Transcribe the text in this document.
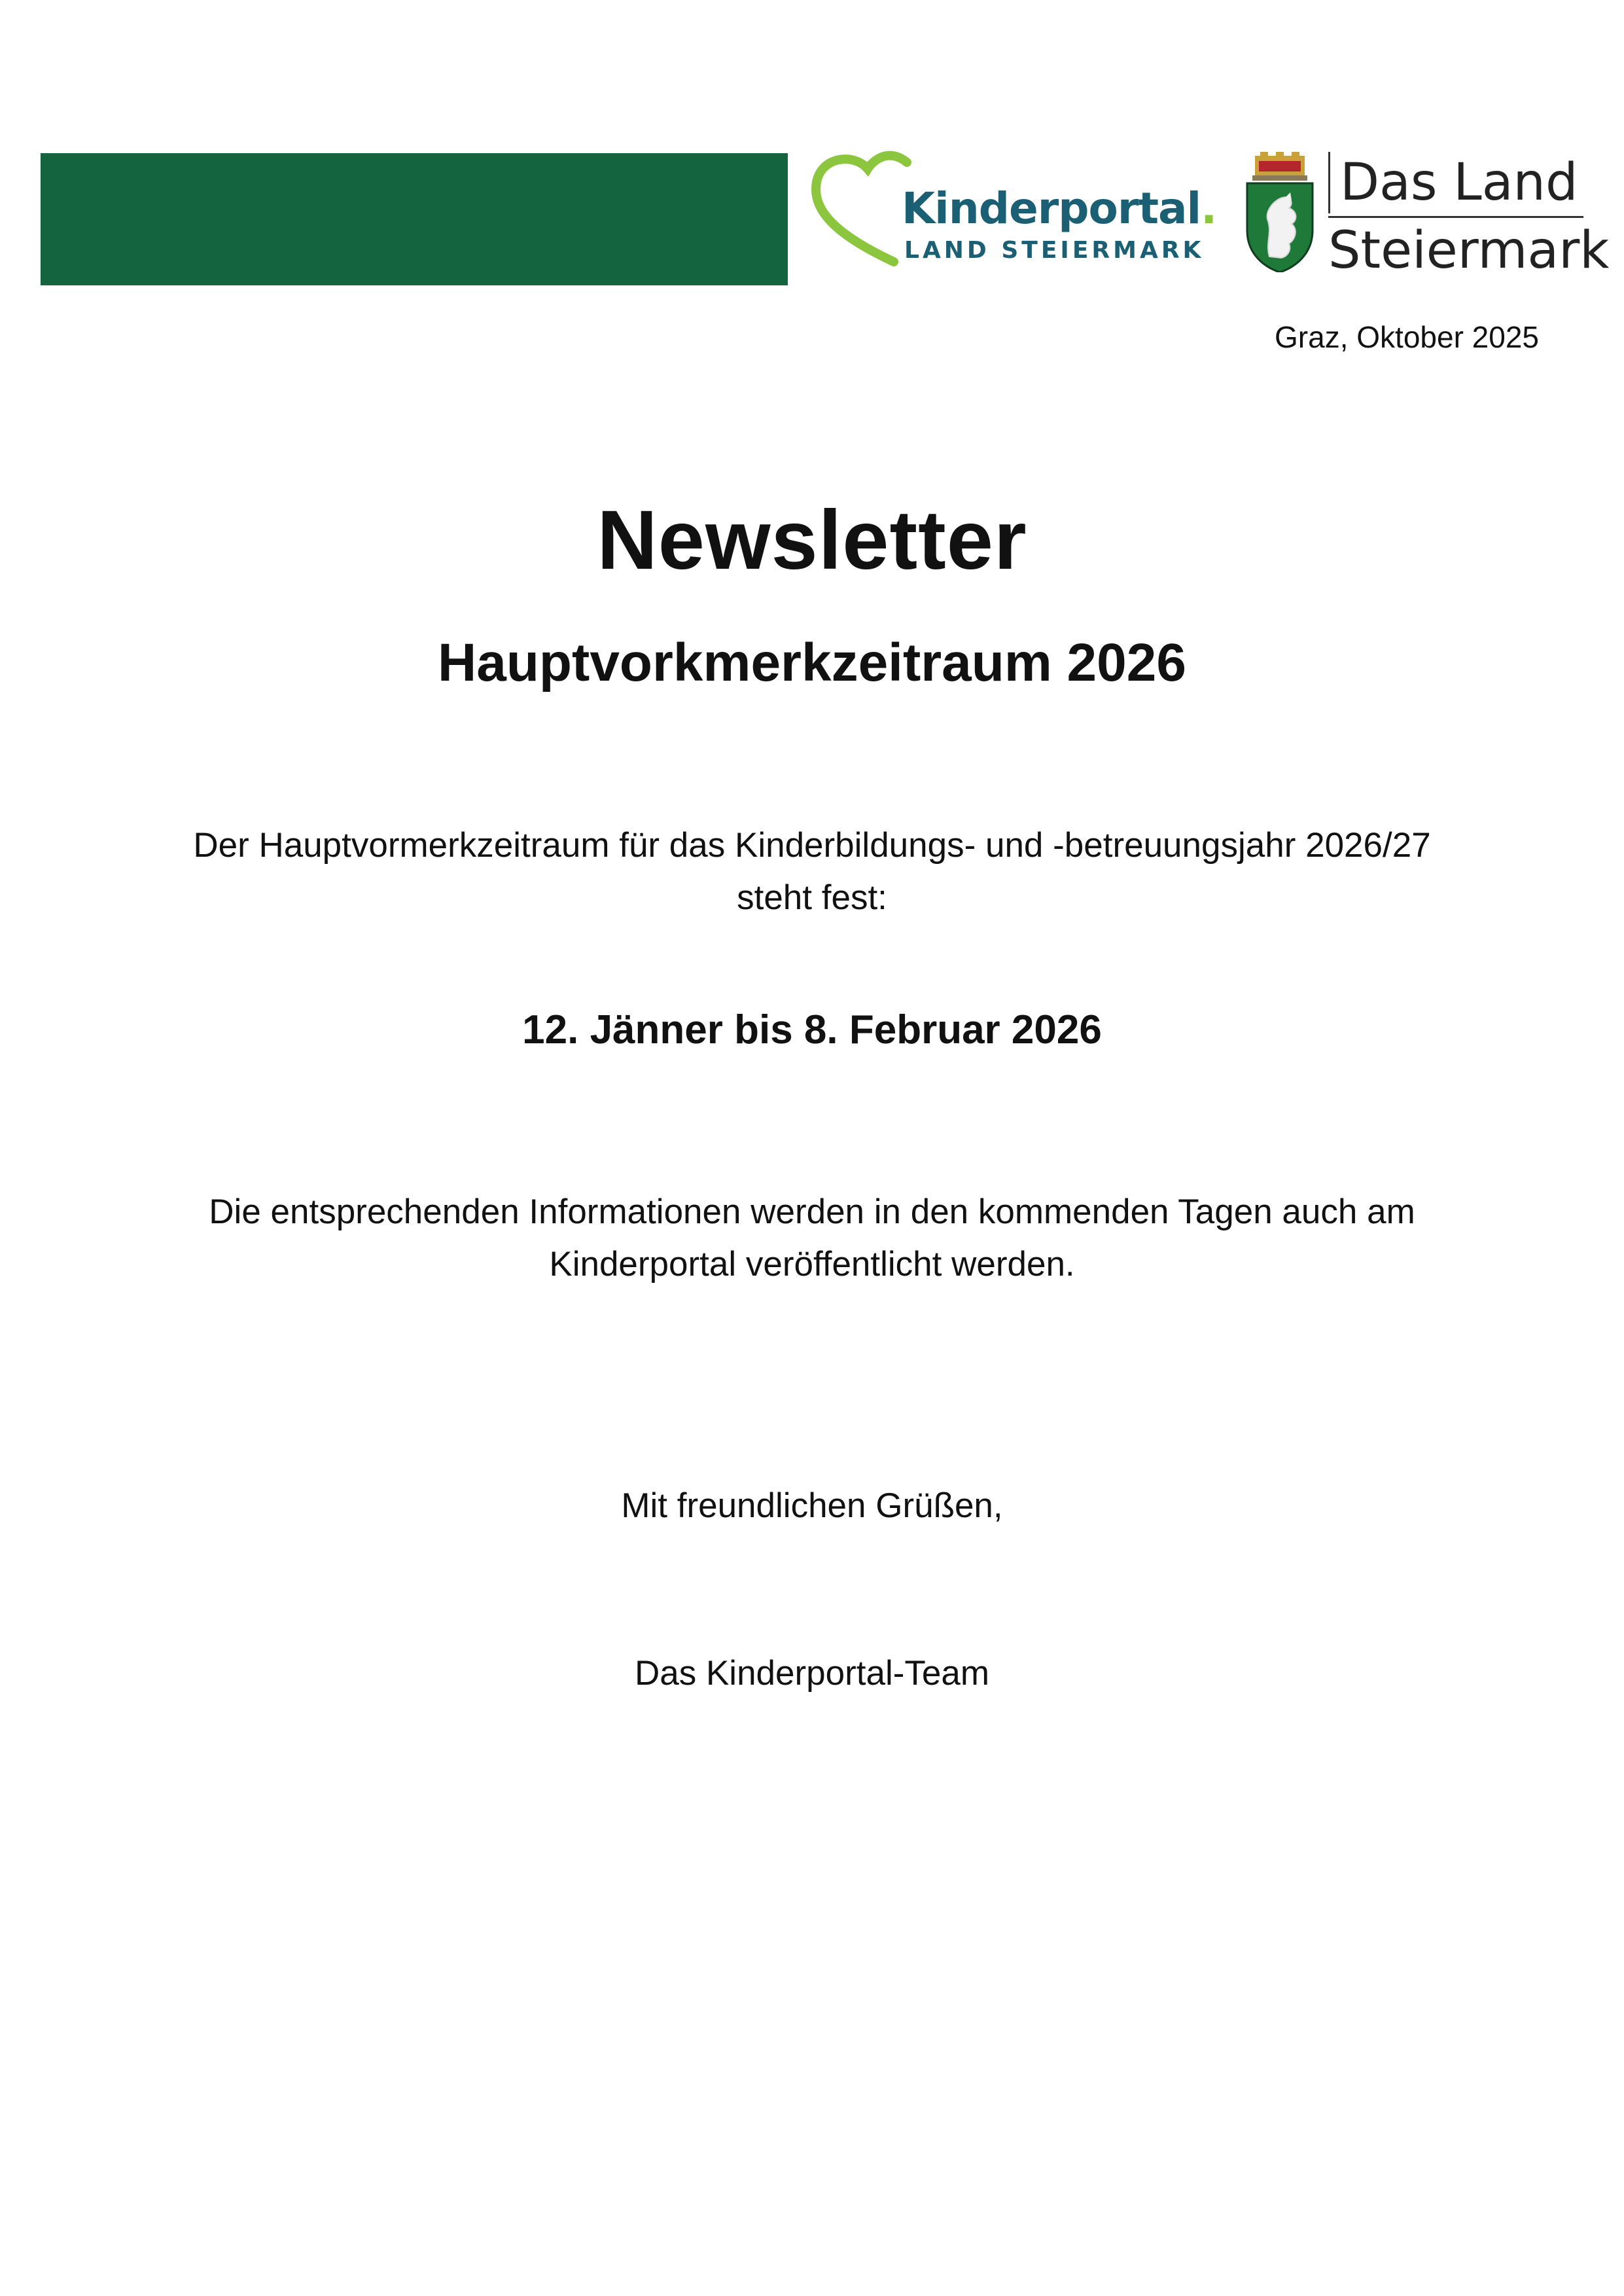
Kinderportal.
LAND STEIERMARK
Das Land
Steiermark
Graz, Oktober 2025
Newsletter
Hauptvorkmerkzeitraum 2026
Der Hauptvormerkzeitraum für das Kinderbildungs- und -betreuungsjahr 2026/27
steht fest:
12. Jänner bis 8. Februar 2026
Die entsprechenden Informationen werden in den kommenden Tagen auch am
Kinderportal veröffentlicht werden.
Mit freundlichen Grüßen,
Das Kinderportal-Team
